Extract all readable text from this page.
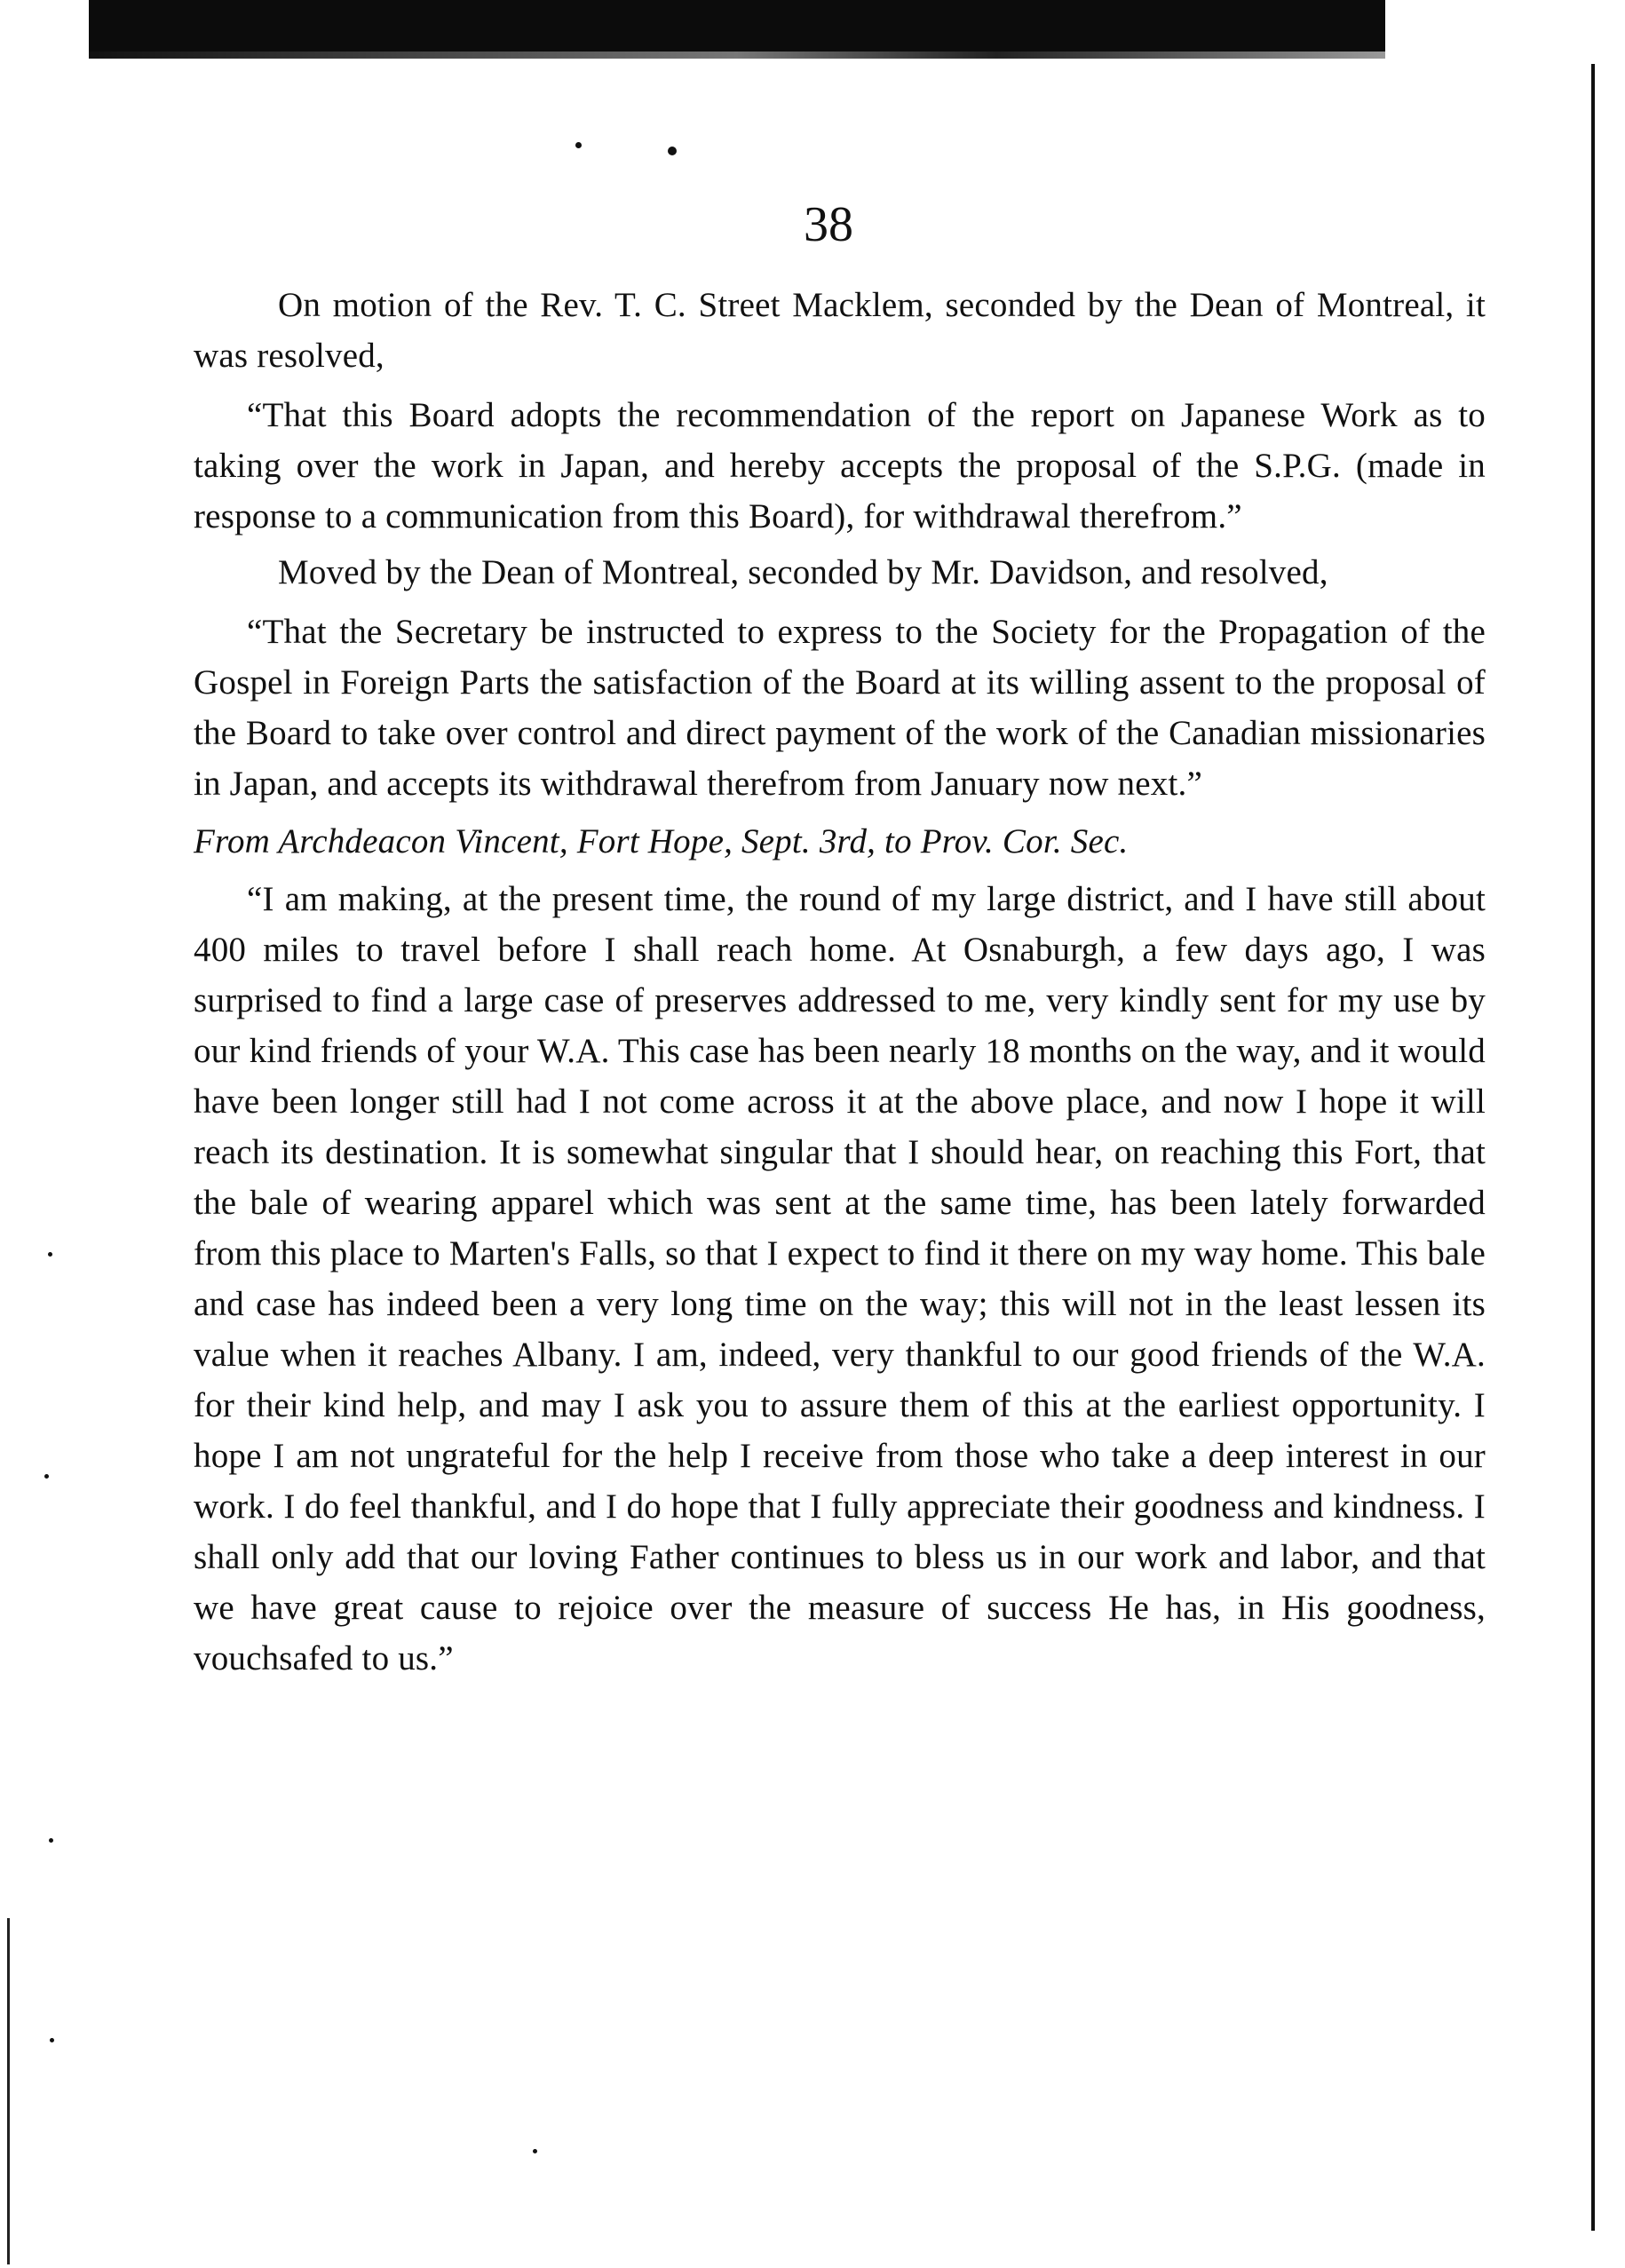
38

On motion of the Rev. T. C. Street Macklem, seconded by the Dean of Montreal, it was resolved,

“That this Board adopts the recommendation of the report on Japanese Work as to taking over the work in Japan, and hereby accepts the proposal of the S.P.G. (made in response to a communication from this Board), for withdrawal therefrom.”

Moved by the Dean of Montreal, seconded by Mr. Davidson, and resolved,

“That the Secretary be instructed to express to the Society for the Propagation of the Gospel in Foreign Parts the satisfaction of the Board at its willing assent to the proposal of the Board to take over control and direct payment of the work of the Canadian missionaries in Japan, and accepts its withdrawal therefrom from January now next.”

From Archdeacon Vincent, Fort Hope, Sept. 3rd, to Prov. Cor. Sec.

“I am making, at the present time, the round of my large district, and I have still about 400 miles to travel before I shall reach home. At Osnaburgh, a few days ago, I was surprised to find a large case of preserves addressed to me, very kindly sent for my use by our kind friends of your W.A. This case has been nearly 18 months on the way, and it would have been longer still had I not come across it at the above place, and now I hope it will reach its destination. It is somewhat singular that I should hear, on reaching this Fort, that the bale of wearing apparel which was sent at the same time, has been lately forwarded from this place to Marten's Falls, so that I expect to find it there on my way home. This bale and case has indeed been a very long time on the way; this will not in the least lessen its value when it reaches Albany. I am, indeed, very thankful to our good friends of the W.A. for their kind help, and may I ask you to assure them of this at the earliest opportunity. I hope I am not ungrateful for the help I receive from those who take a deep interest in our work. I do feel thankful, and I do hope that I fully appreciate their goodness and kindness. I shall only add that our loving Father continues to bless us in our work and labor, and that we have great cause to rejoice over the measure of success He has, in His goodness, vouchsafed to us.”
